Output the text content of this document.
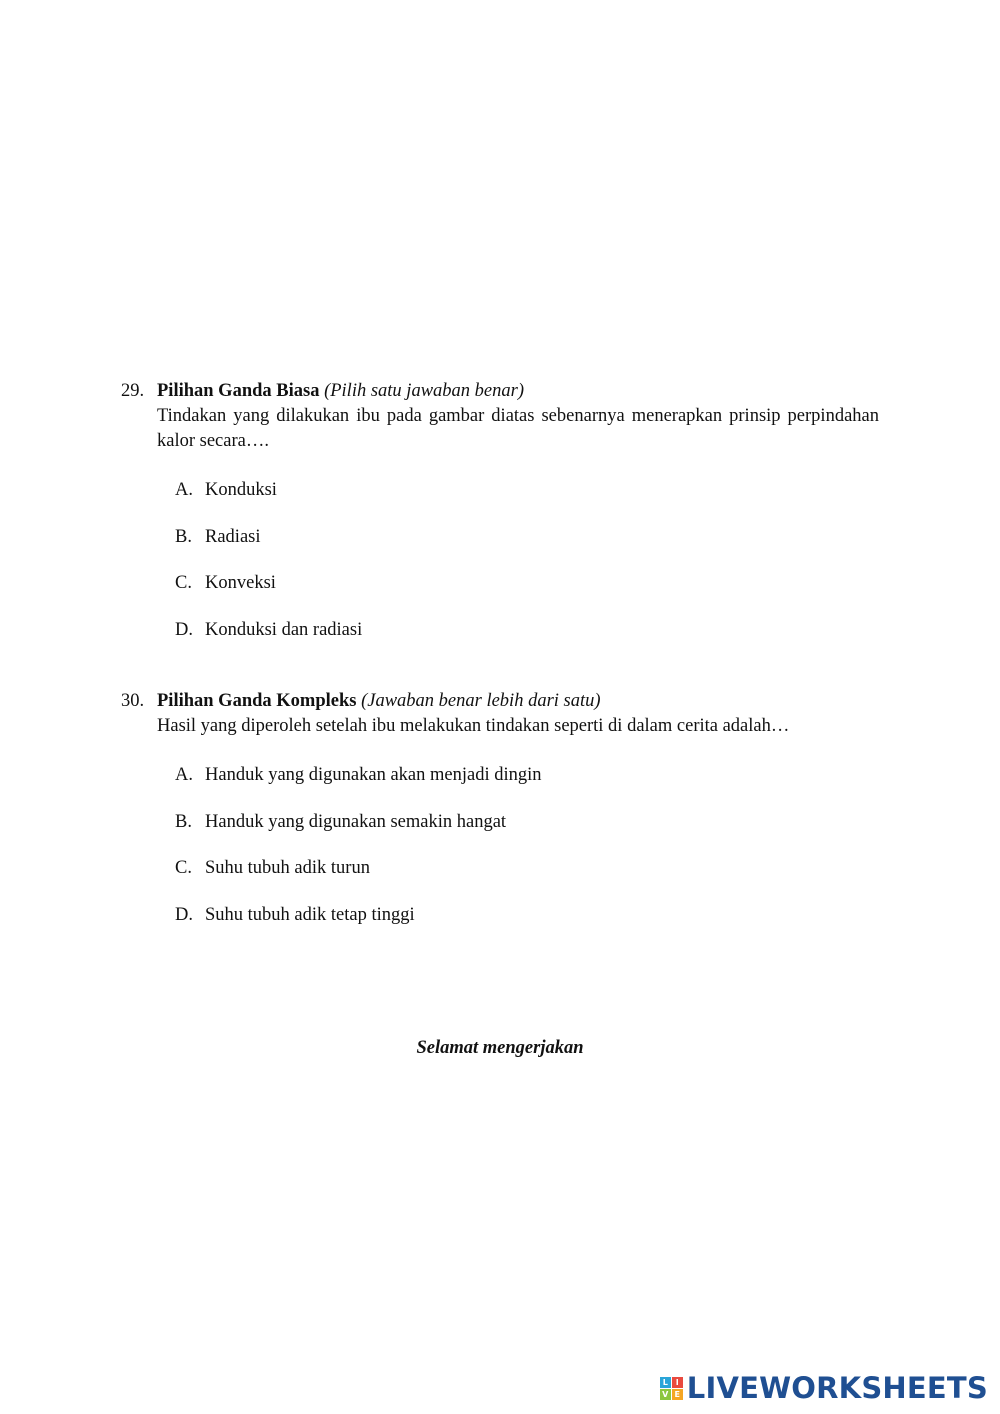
29. Pilihan Ganda Biasa (Pilih satu jawaban benar)
Tindakan yang dilakukan ibu pada gambar diatas sebenarnya menerapkan prinsip perpindahan kalor secara….
A. Konduksi
B. Radiasi
C. Konveksi
D. Konduksi dan radiasi
30. Pilihan Ganda Kompleks (Jawaban benar lebih dari satu)
Hasil yang diperoleh setelah ibu melakukan tindakan seperti di dalam cerita adalah…
A. Handuk yang digunakan akan menjadi dingin
B. Handuk yang digunakan semakin hangat
C. Suhu tubuh adik turun
D. Suhu tubuh adik tetap tinggi
Selamat mengerjakan
L I
V E LIVEWORKSHEETS
